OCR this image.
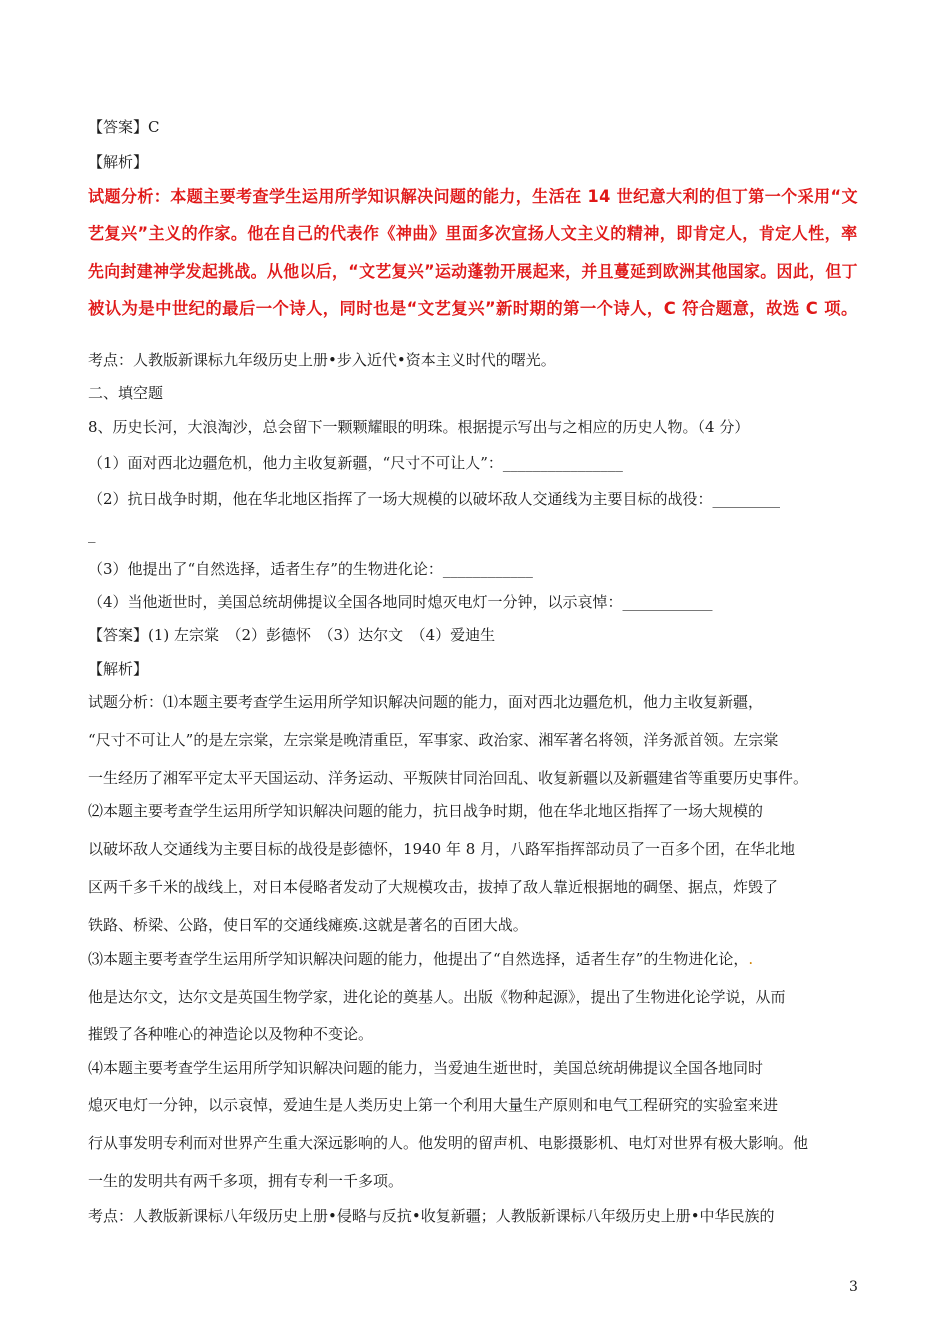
【答案】C
【解析】
试题分析：本题主要考查学生运用所学知识解决问题的能力，生活在 14 世纪意大利的但丁第一个采用“文
艺复兴”主义的作家。他在自己的代表作《神曲》里面多次宣扬人文主义的精神，即肯定人，肯定人性，率
先向封建神学发起挑战。从他以后，“文艺复兴”运动蓬勃开展起来，并且蔓延到欧洲其他国家。因此，但丁
被认为是中世纪的最后一个诗人，同时也是“文艺复兴”新时期的第一个诗人，C 符合题意，故选 C 项。
考点：人教版新课标九年级历史上册•步入近代•资本主义时代的曙光。
二、填空题
8、历史长河，大浪淘沙，总会留下一颗颗耀眼的明珠。根据提示写出与之相应的历史人物。（4 分）
（1）面对西北边疆危机，他力主收复新疆，“尺寸不可让人”：________________
（2）抗日战争时期，他在华北地区指挥了一场大规模的以破坏敌人交通线为主要目标的战役：_________
_
（3）他提出了“自然选择，适者生存”的生物进化论：____________
（4）当他逝世时，美国总统胡佛提议全国各地同时熄灭电灯一分钟，以示哀悼：____________
【答案】(1) 左宗棠　（2）彭德怀　（3）达尔文　（4）爱迪生
【解析】
试题分析：⑴本题主要考查学生运用所学知识解决问题的能力，面对西北边疆危机，他力主收复新疆，
“尺寸不可让人”的是左宗棠，左宗棠是晚清重臣，军事家、政治家、湘军著名将领，洋务派首领。左宗棠
一生经历了湘军平定太平天国运动、洋务运动、平叛陕甘同治回乱、收复新疆以及新疆建省等重要历史事件。
⑵本题主要考查学生运用所学知识解决问题的能力，抗日战争时期，他在华北地区指挥了一场大规模的
以破坏敌人交通线为主要目标的战役是彭德怀，1940 年 8 月，八路军指挥部动员了一百多个团，在华北地
区两千多千米的战线上，对日本侵略者发动了大规模攻击，拔掉了敌人靠近根据地的碉堡、据点，炸毁了
铁路、桥梁、公路，使日军的交通线瘫痪.这就是著名的百团大战。
⑶本题主要考查学生运用所学知识解决问题的能力，他提出了“自然选择，适者生存”的生物进化论，.
他是达尔文，达尔文是英国生物学家，进化论的奠基人。出版《物种起源》，提出了生物进化论学说，从而
摧毁了各种唯心的神造论以及物种不变论。
⑷本题主要考查学生运用所学知识解决问题的能力，当爱迪生逝世时，美国总统胡佛提议全国各地同时
熄灭电灯一分钟，以示哀悼，爱迪生是人类历史上第一个利用大量生产原则和电气工程研究的实验室来进
行从事发明专利而对世界产生重大深远影响的人。他发明的留声机、电影摄影机、电灯对世界有极大影响。他
一生的发明共有两千多项，拥有专利一千多项。
考点：人教版新课标八年级历史上册•侵略与反抗•收复新疆；人教版新课标八年级历史上册•中华民族的
3
